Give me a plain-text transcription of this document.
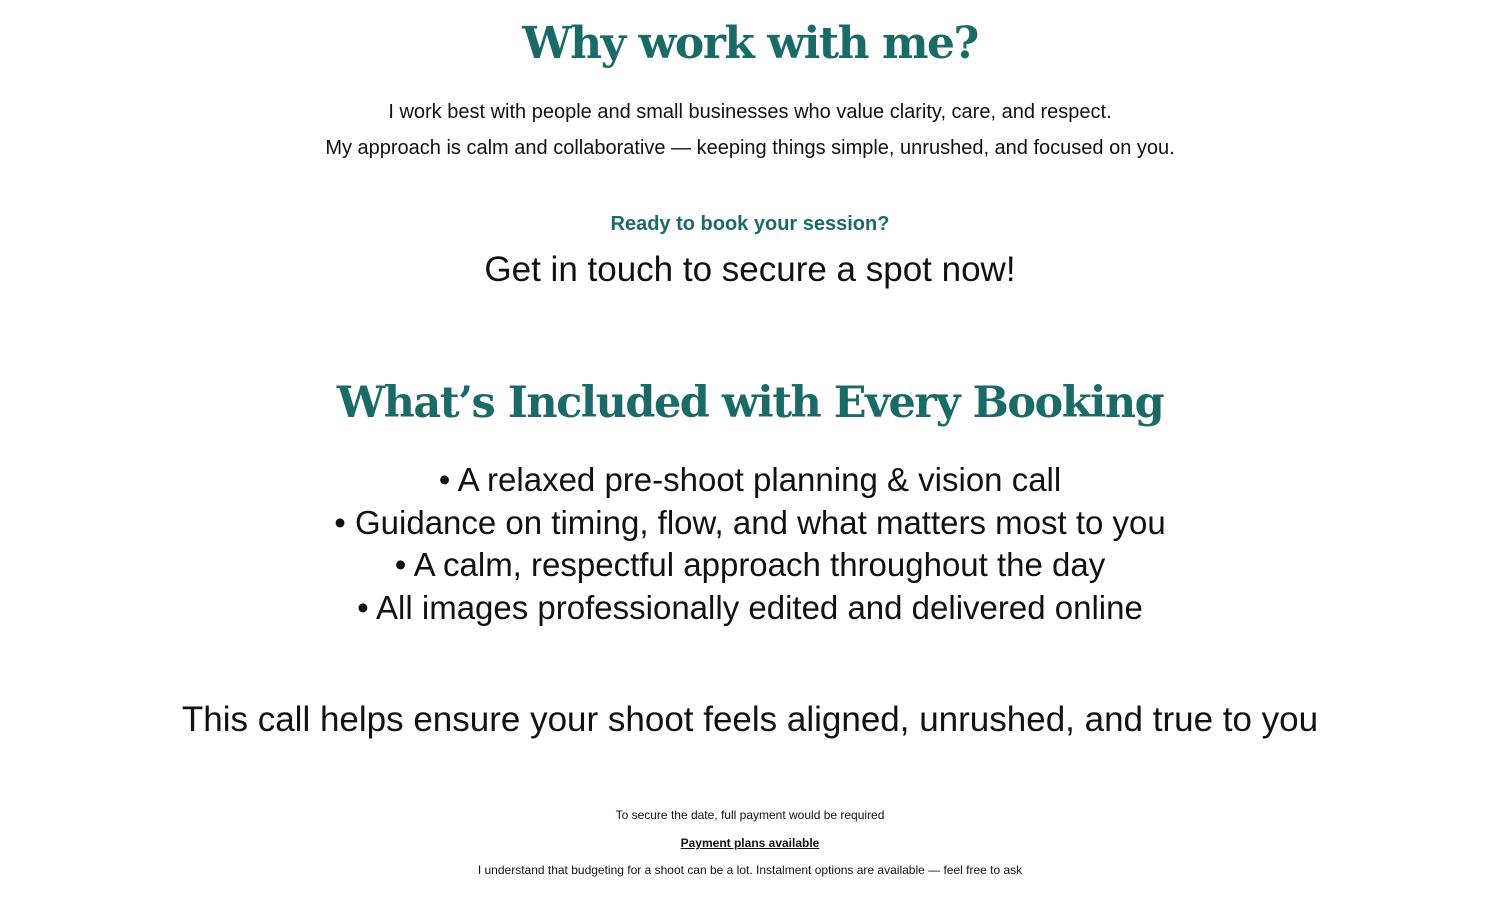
Why work with me?

I work best with people and small businesses who value clarity, care, and respect.

My approach is calm and collaborative — keeping things simple, unrushed, and focused on you.

Ready to book your session?

Get in touch to secure a spot now!

What’s Included with Every Booking
• A relaxed pre-shoot planning & vision call
• Guidance on timing, flow, and what matters most to you
• A calm, respectful approach throughout the day
• All images professionally edited and delivered online

This call helps ensure your shoot feels aligned, unrushed, and true to you

To secure the date, full payment would be required

Payment plans available

I understand that budgeting for a shoot can be a lot. Instalment options are available — feel free to ask
